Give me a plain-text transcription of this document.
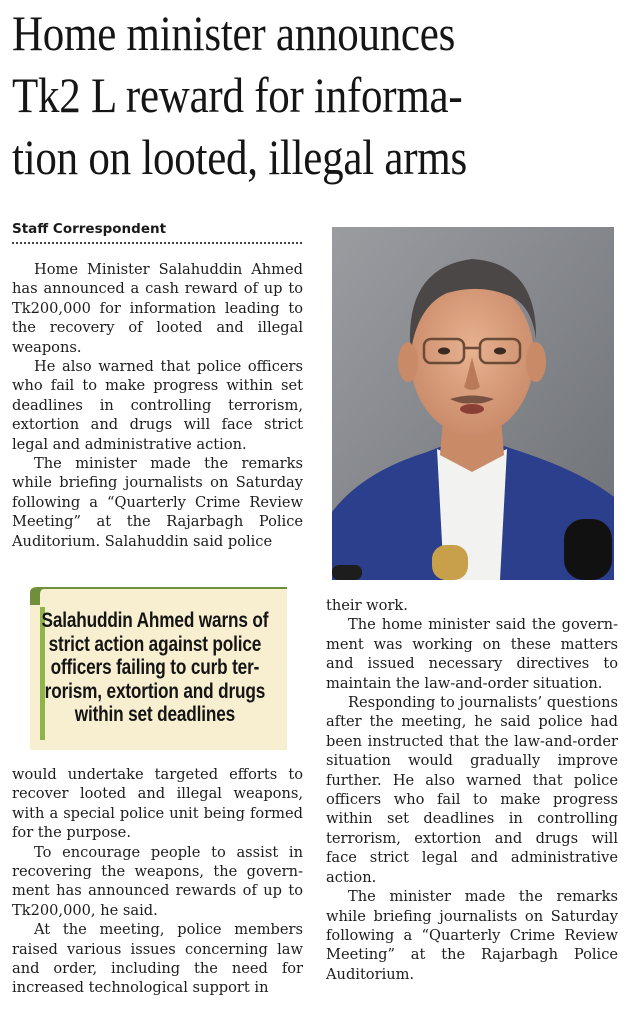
Home minister announces
Tk2 L reward for informa-
tion on looted, illegal arms
Staff Correspondent

Home Minister Salahuddin Ahmed has announced a cash reward of up to Tk200,000 for information leading to the recovery of looted and illegal weapons.

He also warned that police officers who fail to make progress within set deadlines in controlling terrorism, extortion and drugs will face strict legal and administrative action.

The minister made the remarks while briefing journalists on Saturday following a “Quarterly Crime Review Meeting” at the Rajarbagh Police Auditorium. Salahuddin said police

Salahuddin Ahmed warns of
strict action against police
officers failing to curb ter-
rorism, extortion and drugs
within set deadlines

would undertake targeted efforts to recover looted and illegal weapons, with a special police unit being formed for the purpose.

To encourage people to assist in recovering the weapons, the government has announced rewards of up to Tk200,000, he said.

At the meeting, police members raised various issues concerning law and order, including the need for increased technological support in

their work.

The home minister said the government was working on these matters and issued necessary directives to maintain the law-and-order situation.

Responding to journalists’ questions after the meeting, he said police had been instructed that the law-and-order situation would gradually improve further. He also warned that police officers who fail to make progress within set deadlines in controlling terrorism, extortion and drugs will face strict legal and administrative action.

The minister made the remarks while briefing journalists on Saturday following a “Quarterly Crime Review Meeting” at the Rajarbagh Police Auditorium.
